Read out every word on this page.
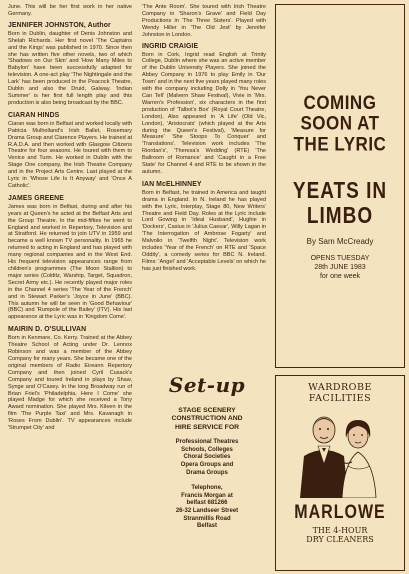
June. This will be her first work in her native Germany.

JENNIFER JOHNSTON, Author

Born in Dublin, daughter of Denis Johnston and Shelah Richards. Her first novel 'The Captains and the Kings' was published in 1970. Since then she has written five other novels, two of which 'Shadows on Our Skin' and 'How Many Miles to Babylon' have been successfully adapted for television. A one-act play 'The Nightingale and the Lark' has been produced in the Peacock Theatre, Dublin and also the Druid, Galway. 'Indian Summer' is her first full length play and this production is also being broadcast by the BBC.

CIARAN HINDS

Ciaran was born in Belfast and worked locally with Patricia Mulholland's Irish Ballet, Rosemary Drama Group and Clarence Players. He trained at R.A.D.A. and then worked with Glasgow Citizens Theatre for four seasons. He toured with them to Venice and Turin. He worked in Dublin with the Stage One company, the Irish Theatre Company and in the Project Arts Centre. Last played at the Lyric in 'Whose Life Is It Anyway' and 'Once A Catholic'.

JAMES GREENE

James was born in Belfast, during and after his years at Queen's he acted at the Belfast Arts and the Group Theatre. In the mid-fifties he went to England and worked in Repertory, Television and at Stratford. He returned to join UTV in 1959 and became a well known TV personality. In 1965 he returned to acting in England and has played with many regional companies and in the West End. His frequent television appearances range from children's programmes (The Moon Stallion) to major series (Colditz, Warship, Target, Squadron, Secret Army etc.). He recently played major roles in the Channel 4 series 'The Year of the French' and in Stewart Parker's 'Joyce in June' (BBC). This autumn he will be seen in 'Good Behaviour' (BBC) and 'Rumpole of the Bailey' (ITV). His last appearance at the Lyric was in 'Kingdom Come'.

MAIRIN D. O'SULLIVAN

Born in Kenmare, Co. Kerry. Trained at the Abbey Theatre School of Acting under Dr. Lennox Robinson and was a member of the Abbey Company for many years. She became one of the original members of Radio Eireann Repertory Company and then joined Cyril Cusack's Company and toured Ireland in plays by Shaw, Synge and O'Casey. In the long Broadway run of Brian Friel's 'Philadelphia, Here I Come' she played Madge for which she received a Tony Award nomination. She played Mrs. Kileen in the film 'The Purple Taxi' and Mrs. Kavanagh in 'Roses From Dublin'. TV appearances include 'Strumpet City' and

'The Ante Room'. She toured with Irish Theatre Company in 'Sharon's Grave' and Field Day Productions in 'The Three Sisters'. Played with Wendy Hiller in 'The Old Jest' by Jennifer Johnston in London.

INGRID CRAIGIE

Born in Cork, Ingrid read English at Trinity College, Dublin where she was an active member of the Dublin University Players. She joined the Abbey Company in 1976 to play Emily in 'Our Town' and in the next five years played many roles with the company including Dolly in 'You Never Can Tell' (Malvern Shaw Festival), Vivie in 'Mrs. Warren's Profession', six characters in the first production of 'Talbot's Box' (Royal Court Theatre, London). Also appeared in 'A Life' (Old Vic, London), 'Aristocrats' (which played at the Arts during the Queen's Festival), 'Measure for Measure' 'She Stoops To Conquer' and 'Translations'. Television work includes 'The Riordan's', 'Theresa's Wedding' (RTE) 'The Ballroom of Romance' and 'Caught in a Free State' for Channel 4 and RTE to be shown in the autumn.

IAN McELHINNEY

Born in Belfast, he trained in America and taught drama in England. In N. Ireland he has played with the Lyric, Interplay, Stage 80, New Writers' Theatre and Field Day. Roles at the Lyric include Lord Gowing in 'Ideal Husband', Hughie in 'Dockers', Casius in 'Julius Caesar', Willy Lagan in 'The Interrogation of Ambrose Fogarty' and Malvolio in 'Twelfth Night'. Television work includes 'Year of the French' on RTE and 'Space Oddity', a comedy series for BBC N. Ireland. Films: 'Angel' and 'Acceptable Levels' on which he has just finished work.

COMING SOON AT THE LYRIC
YEATS IN LIMBO
By Sam McCready
OPENS TUESDAY
28th JUNE 1983
for one week
Set-up
STAGE SCENERY
CONSTRUCTION AND
HIRE SERVICE FOR
Professional Theatres
Schools, Colleges
Choral Societies
Opera Groups and
Drama Groups
Telephone,
Francis Morgan at
belfast 681266
26-32 Landseer Street
Stranmillis Road
Belfast
WARDROBE
FACILITIES
MARLOWE
THE 4-HOUR
DRY CLEANERS
